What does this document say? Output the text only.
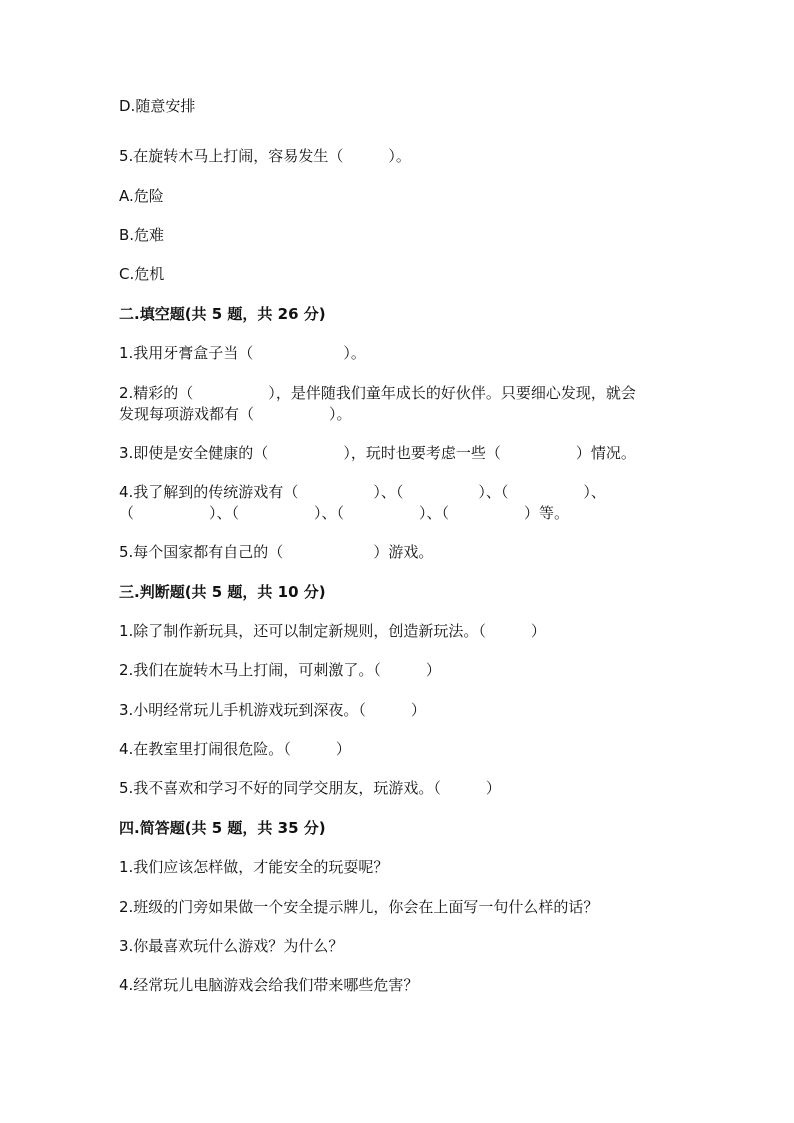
D.随意安排
5.在旋转木马上打闹，容易发生（　　　）。
A.危险
B.危难
C.危机
二.填空题(共 5 题，共 26 分)
1.我用牙膏盒子当（　　　　　　）。
2.精彩的（　　　　　），是伴随我们童年成长的好伙伴。只要细心发现，就会
发现每项游戏都有（　　　　　）。
3.即使是安全健康的（　　　　　），玩时也要考虑一些（　　　　　）情况。
4.我了解到的传统游戏有（　　　　　）、（　　　　　）、（　　　　　）、
（　　　　　）、（　　　　　）、（　　　　　）、（　　　　　）等。
5.每个国家都有自己的（　　　　　　）游戏。
三.判断题(共 5 题，共 10 分)
1.除了制作新玩具，还可以制定新规则，创造新玩法。（　　　）
2.我们在旋转木马上打闹，可刺激了。（　　　）
3.小明经常玩儿手机游戏玩到深夜。（　　　）
4.在教室里打闹很危险。（　　　）
5.我不喜欢和学习不好的同学交朋友，玩游戏。（　　　）
四.简答题(共 5 题，共 35 分)
1.我们应该怎样做，才能安全的玩耍呢？
2.班级的门旁如果做一个安全提示牌儿，你会在上面写一句什么样的话？
3.你最喜欢玩什么游戏？为什么？
4.经常玩儿电脑游戏会给我们带来哪些危害？
